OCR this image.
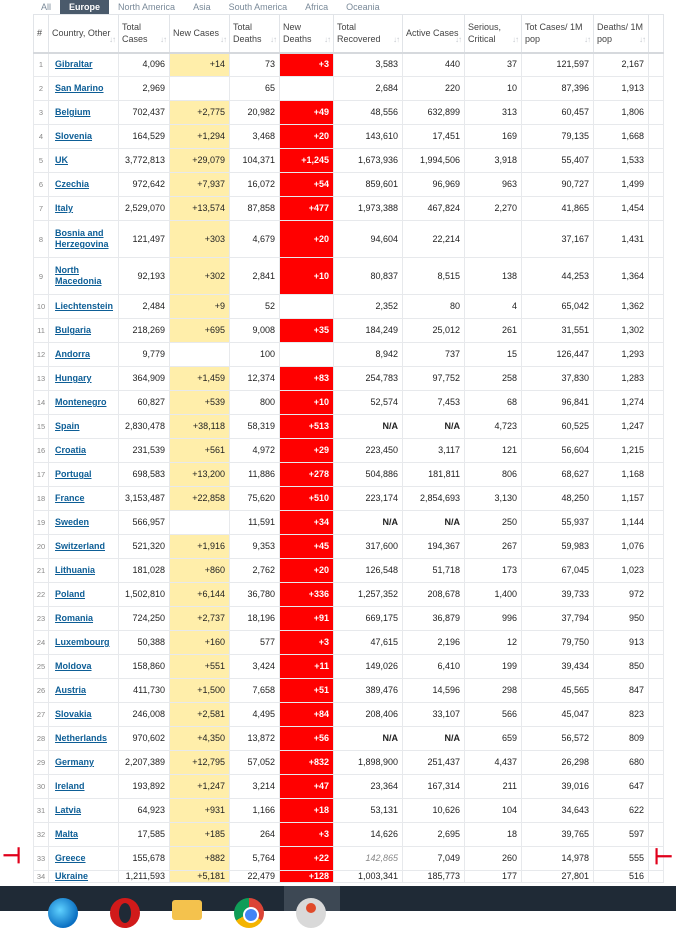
All	Europe	North America	Asia	South America	Africa	Oceania
#	Country, Other
↓↑	Total Cases ↓↑	New Cases
↓↑	Total Deaths ↓↑	New Deaths ↓↑	Total Recovered ↓↑	Active Cases
↓↑	Serious, Critical ↓↑	Tot Cases/ 1M pop ↓↑	Deaths/ 1M pop ↓↑	

1	Gibraltar	4,096	+14	73	+3	3,583	440	37	121,597	2,167	
2	San Marino	2,969		65		2,684	220	10	87,396	1,913	
3	Belgium	702,437	+2,775	20,982	+49	48,556	632,899	313	60,457	1,806	
4	Slovenia	164,529	+1,294	3,468	+20	143,610	17,451	169	79,135	1,668	
5	UK	3,772,813	+29,079	104,371	+1,245	1,673,936	1,994,506	3,918	55,407	1,533	
6	Czechia	972,642	+7,937	16,072	+54	859,601	96,969	963	90,727	1,499	
7	Italy	2,529,070	+13,574	87,858	+477	1,973,388	467,824	2,270	41,865	1,454	
8	Bosnia and Herzegovina	121,497	+303	4,679	+20	94,604	22,214		37,167	1,431	
9	North Macedonia	92,193	+302	2,841	+10	80,837	8,515	138	44,253	1,364	
10	Liechtenstein	2,484	+9	52		2,352	80	4	65,042	1,362	
11	Bulgaria	218,269	+695	9,008	+35	184,249	25,012	261	31,551	1,302	
12	Andorra	9,779		100		8,942	737	15	126,447	1,293	
13	Hungary	364,909	+1,459	12,374	+83	254,783	97,752	258	37,830	1,283	
14	Montenegro	60,827	+539	800	+10	52,574	7,453	68	96,841	1,274	
15	Spain	2,830,478	+38,118	58,319	+513	N/A	N/A	4,723	60,525	1,247	
16	Croatia	231,539	+561	4,972	+29	223,450	3,117	121	56,604	1,215	
17	Portugal	698,583	+13,200	11,886	+278	504,886	181,811	806	68,627	1,168	
18	France	3,153,487	+22,858	75,620	+510	223,174	2,854,693	3,130	48,250	1,157	
19	Sweden	566,957		11,591	+34	N/A	N/A	250	55,937	1,144	
20	Switzerland	521,320	+1,916	9,353	+45	317,600	194,367	267	59,983	1,076	
21	Lithuania	181,028	+860	2,762	+20	126,548	51,718	173	67,045	1,023	
22	Poland	1,502,810	+6,144	36,780	+336	1,257,352	208,678	1,400	39,733	972	
23	Romania	724,250	+2,737	18,196	+91	669,175	36,879	996	37,794	950	
24	Luxembourg	50,388	+160	577	+3	47,615	2,196	12	79,750	913	
25	Moldova	158,860	+551	3,424	+11	149,026	6,410	199	39,434	850	
26	Austria	411,730	+1,500	7,658	+51	389,476	14,596	298	45,565	847	
27	Slovakia	246,008	+2,581	4,495	+84	208,406	33,107	566	45,047	823	
28	Netherlands	970,602	+4,350	13,872	+56	N/A	N/A	659	56,572	809	
29	Germany	2,207,389	+12,795	57,052	+832	1,898,900	251,437	4,437	26,298	680	
30	Ireland	193,892	+1,247	3,214	+47	23,364	167,314	211	39,016	647	
31	Latvia	64,923	+931	1,166	+18	53,131	10,626	104	34,643	622	
32	Malta	17,585	+185	264	+3	14,626	2,695	18	39,765	597	
33	Greece	155,678	+882	5,764	+22	142,865	7,049	260	14,978	555	
34	Ukraine	1,211,593	+5,181	22,479	+128	1,003,341	185,773	177	27,801	516	
⊣	⊢
